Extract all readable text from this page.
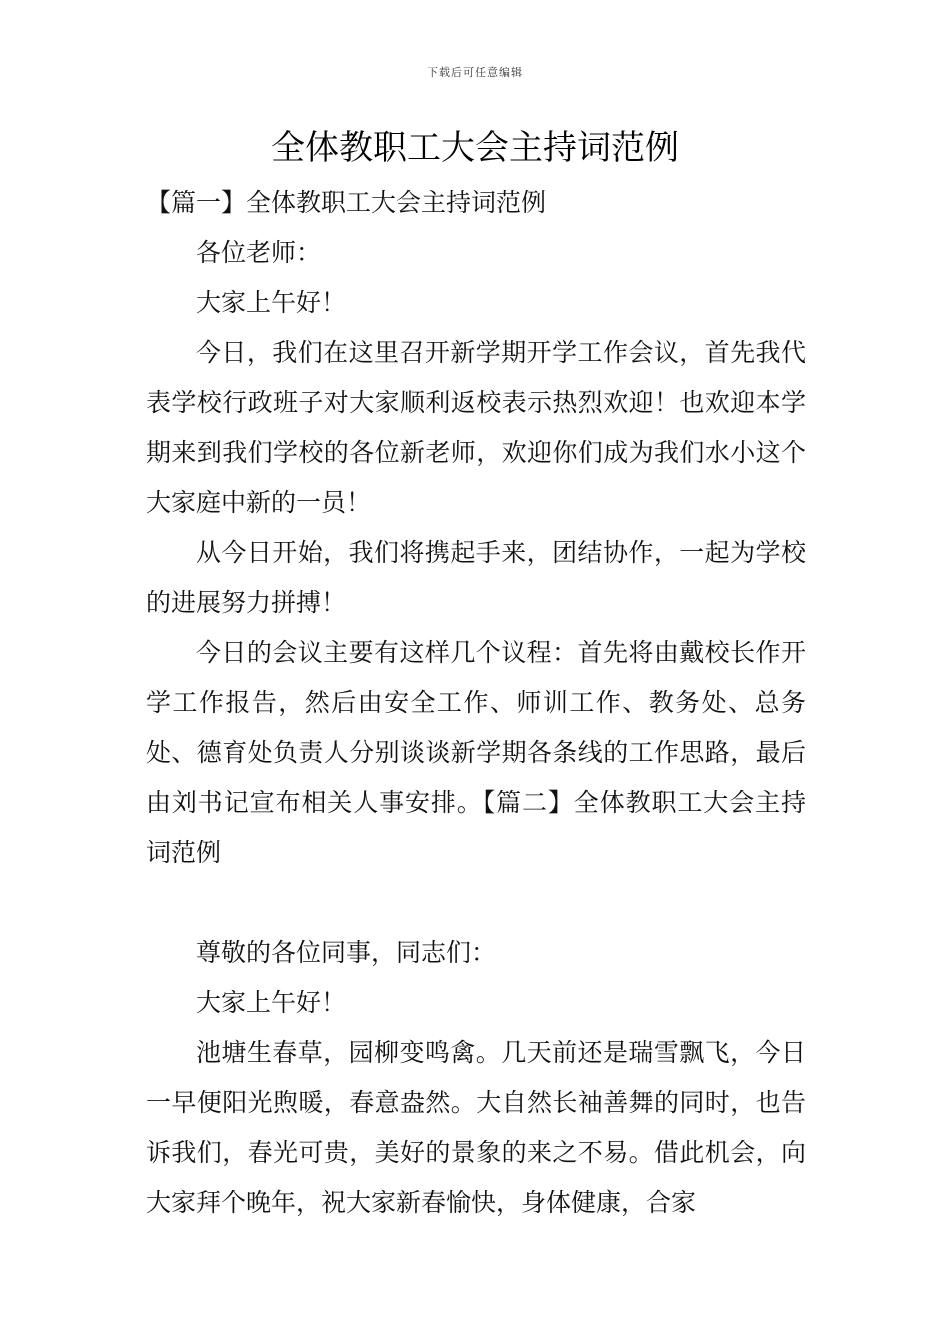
下载后可任意编辑
全体教职工大会主持词范例

【篇一】全体教职工大会主持词范例

各位老师：

大家上午好！

今日，我们在这里召开新学期开学工作会议，首先我代表学校行政班子对大家顺利返校表示热烈欢迎！也欢迎本学期来到我们学校的各位新老师，欢迎你们成为我们水小这个大家庭中新的一员！

从今日开始，我们将携起手来，团结协作，一起为学校的进展努力拼搏！

今日的会议主要有这样几个议程：首先将由戴校长作开学工作报告，然后由安全工作、师训工作、教务处、总务处、德育处负责人分别谈谈新学期各条线的工作思路，最后由刘书记宣布相关人事安排。【篇二】全体教职工大会主持词范例

尊敬的各位同事，同志们：

大家上午好！

池塘生春草，园柳变鸣禽。几天前还是瑞雪飘飞，今日一早便阳光煦暖，春意盎然。大自然长袖善舞的同时，也告诉我们，春光可贵，美好的景象的来之不易。借此机会，向大家拜个晚年，祝大家新春愉快，身体健康，合家
